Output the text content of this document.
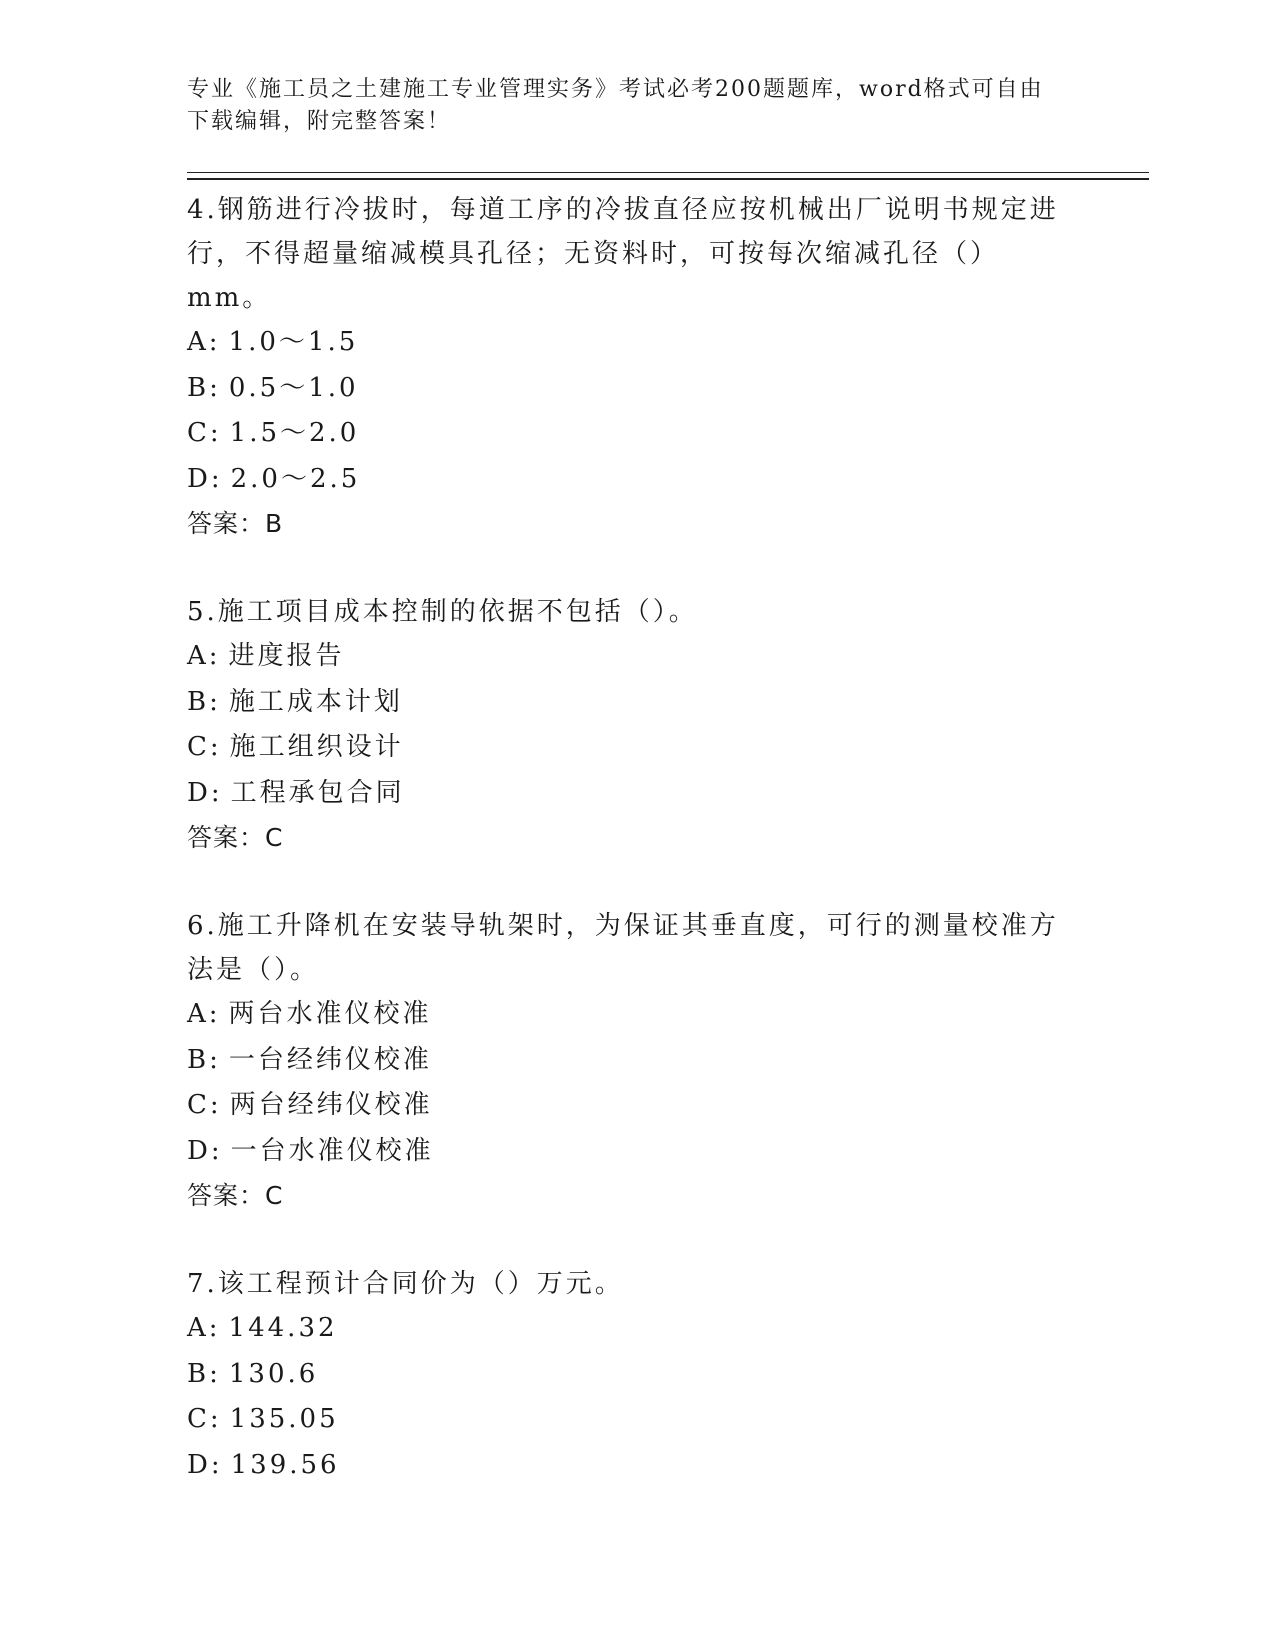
专业《施工员之土建施工专业管理实务》考试必考200题题库，word格式可自由
下载编辑，附完整答案！
4.钢筋进行冷拔时，每道工序的冷拔直径应按机械出厂说明书规定进
行，不得超量缩减模具孔径；无资料时，可按每次缩减孔径（）mm。
A: 1.0～1.5
B: 0.5～1.0
C: 1.5～2.0
D: 2.0～2.5
答案：B
5.施工项目成本控制的依据不包括（）。
A: 进度报告
B: 施工成本计划
C: 施工组织设计
D: 工程承包合同
答案：C
6.施工升降机在安装导轨架时，为保证其垂直度，可行的测量校准方
法是（）。
A: 两台水准仪校准
B: 一台经纬仪校准
C: 两台经纬仪校准
D: 一台水准仪校准
答案：C
7.该工程预计合同价为（）万元。
A: 144.32
B: 130.6
C: 135.05
D: 139.56
